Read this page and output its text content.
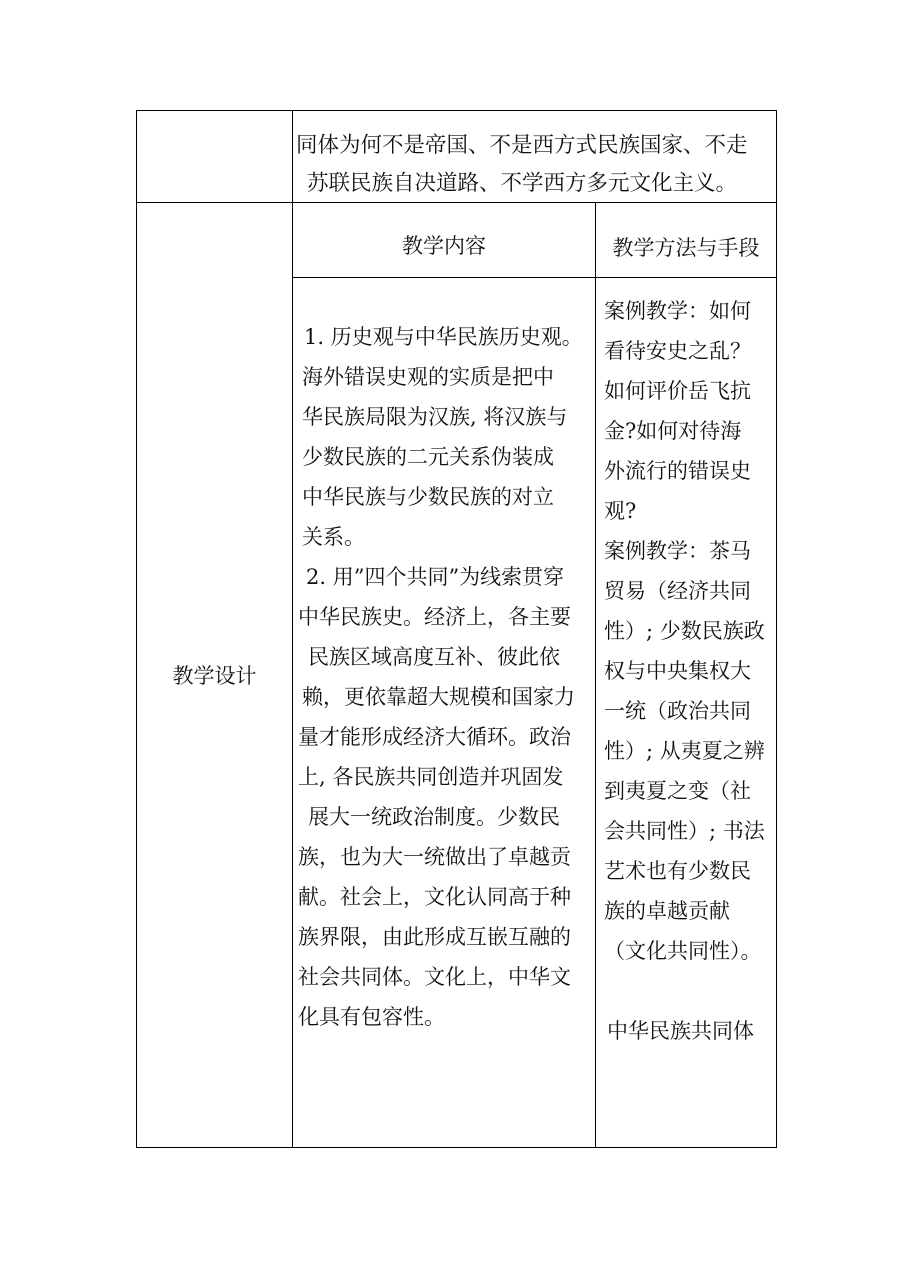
同体为何不是帝国、不是西方式民族国家、不走
苏联民族自决道路、不学西方多元文化主义。
教学设计
教学内容	教学方法与手段

1. 历史观与中华民族历史观。

海外错误史观的实质是把中

华民族局限为汉族, 将汉族与

少数民族的二元关系伪装成

中华民族与少数民族的对立

关系。

2. 用”四个共同”为线索贯穿

中华民族史。经济上，各主要

民族区域高度互补、彼此依

赖，更依靠超大规模和国家力

量才能形成经济大循环。政治

上, 各民族共同创造并巩固发

展大一统政治制度。少数民

族，也为大一统做出了卓越贡

献。社会上，文化认同高于种

族界限，由此形成互嵌互融的

社会共同体。文化上，中华文

化具有包容性。

案例教学：如何

看待安史之乱？

如何评价岳飞抗

金?如何对待海

外流行的错误史

观?

案例教学：茶马

贸易（经济共同

性）; 少数民族政

权与中央集权大

一统（政治共同

性）; 从夷夏之辨

到夷夏之变（社

会共同性）; 书法

艺术也有少数民

族的卓越贡献

（文化共同性）。

中华民族共同体
